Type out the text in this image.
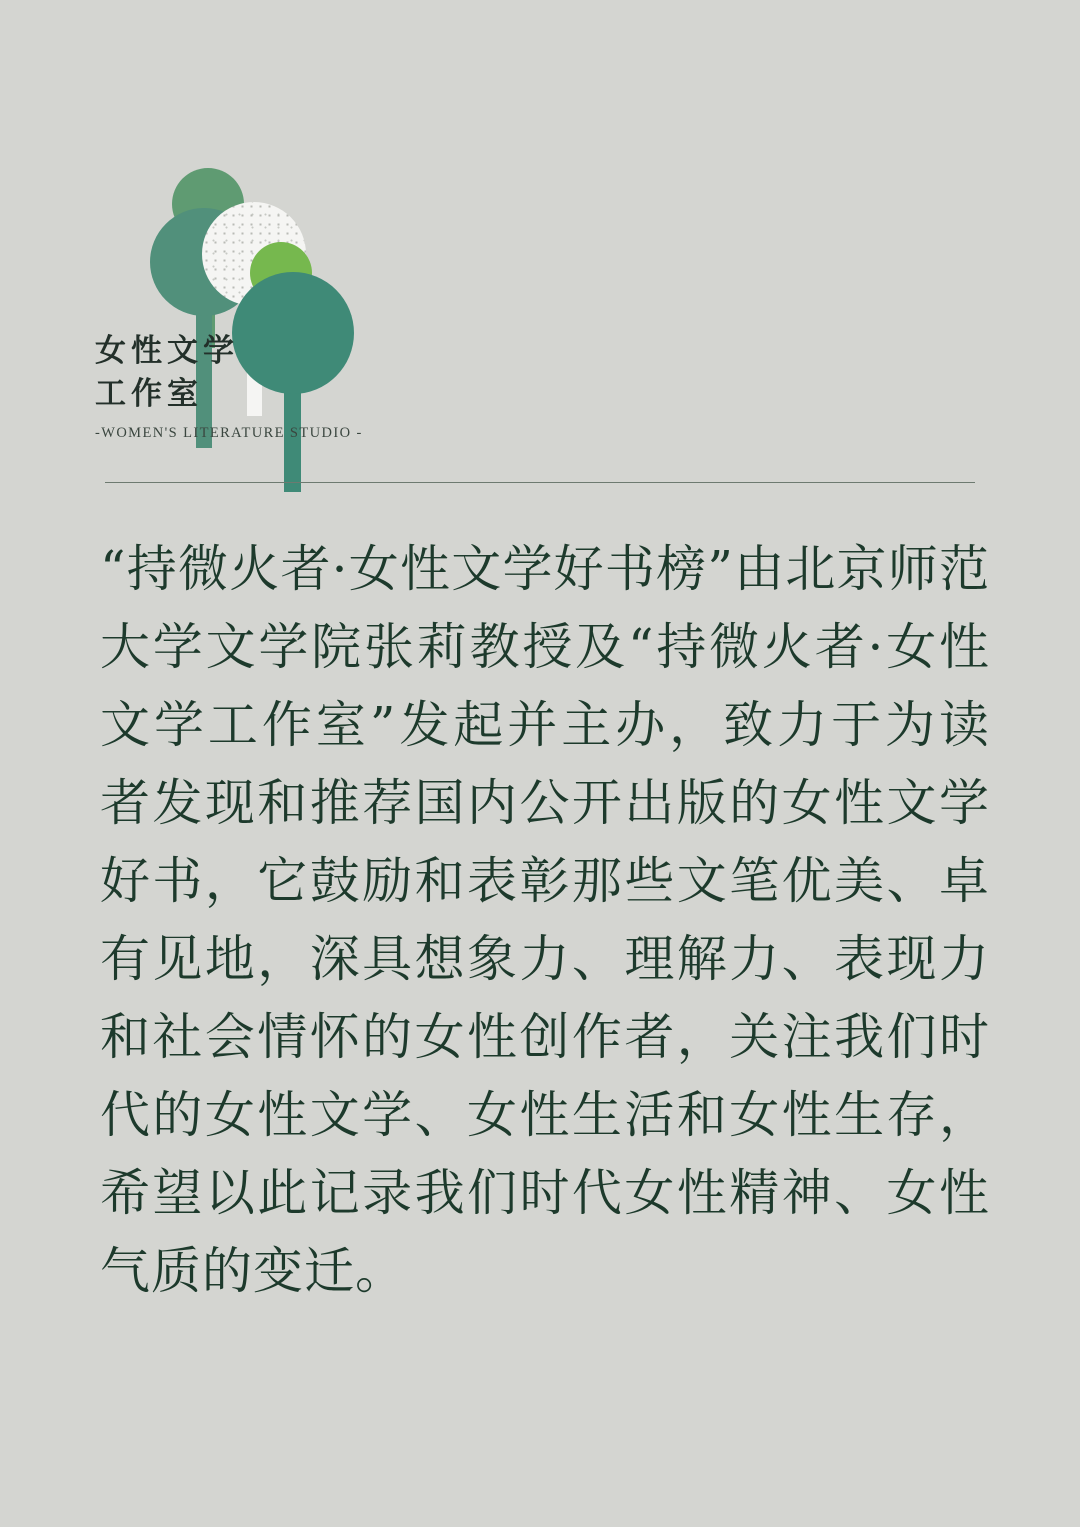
女性文学
工作室
-WOMEN'S LITERATURE STUDIO -

“持微火者·女性文学好书榜”由北京师范大学文学院张莉教授及“持微火者·女性文学工作室”发起并主办，致力于为读者发现和推荐国内公开出版的女性文学好书，它鼓励和表彰那些文笔优美、卓有见地，深具想象力、理解力、表现力和社会情怀的女性创作者，关注我们时代的女性文学、女性生活和女性生存，希望以此记录我们时代女性精神、女性气质的变迁。
